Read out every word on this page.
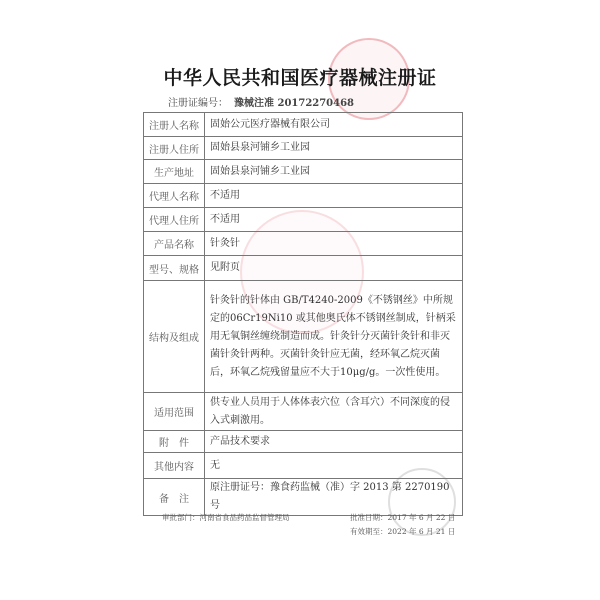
中华人民共和国医疗器械注册证
注册证编号： 豫械注准 20172270468
注册人名称	固始公元医疗器械有限公司
注册人住所	固始县泉河铺乡工业园
生产地址	固始县泉河铺乡工业园
代理人名称	不适用
代理人住所	不适用
产品名称	针灸针
型号、规格	见附页
结构及组成	针灸针的针体由 GB/T4240-2009《不锈钢丝》中所规定的06Cr19Ni10 或其他奥氏体不锈钢丝制成，针柄采用无氧铜丝缠绕制造而成。针灸针分灭菌针灸针和非灭菌针灸针两种。灭菌针灸针应无菌，经环氧乙烷灭菌后，环氧乙烷残留量应不大于10μg/g。一次性使用。
适用范围	供专业人员用于人体体表穴位（含耳穴）不同深度的侵入式刺激用。
附　件	产品技术要求
其他内容	无
备　注	原注册证号：豫食药监械（准）字 2013 第 2270190 号
审批部门：河南省食品药品监督管理局	批准日期：2017 年 6 月 22 日
有效期至：2022 年 6 月 21 日
